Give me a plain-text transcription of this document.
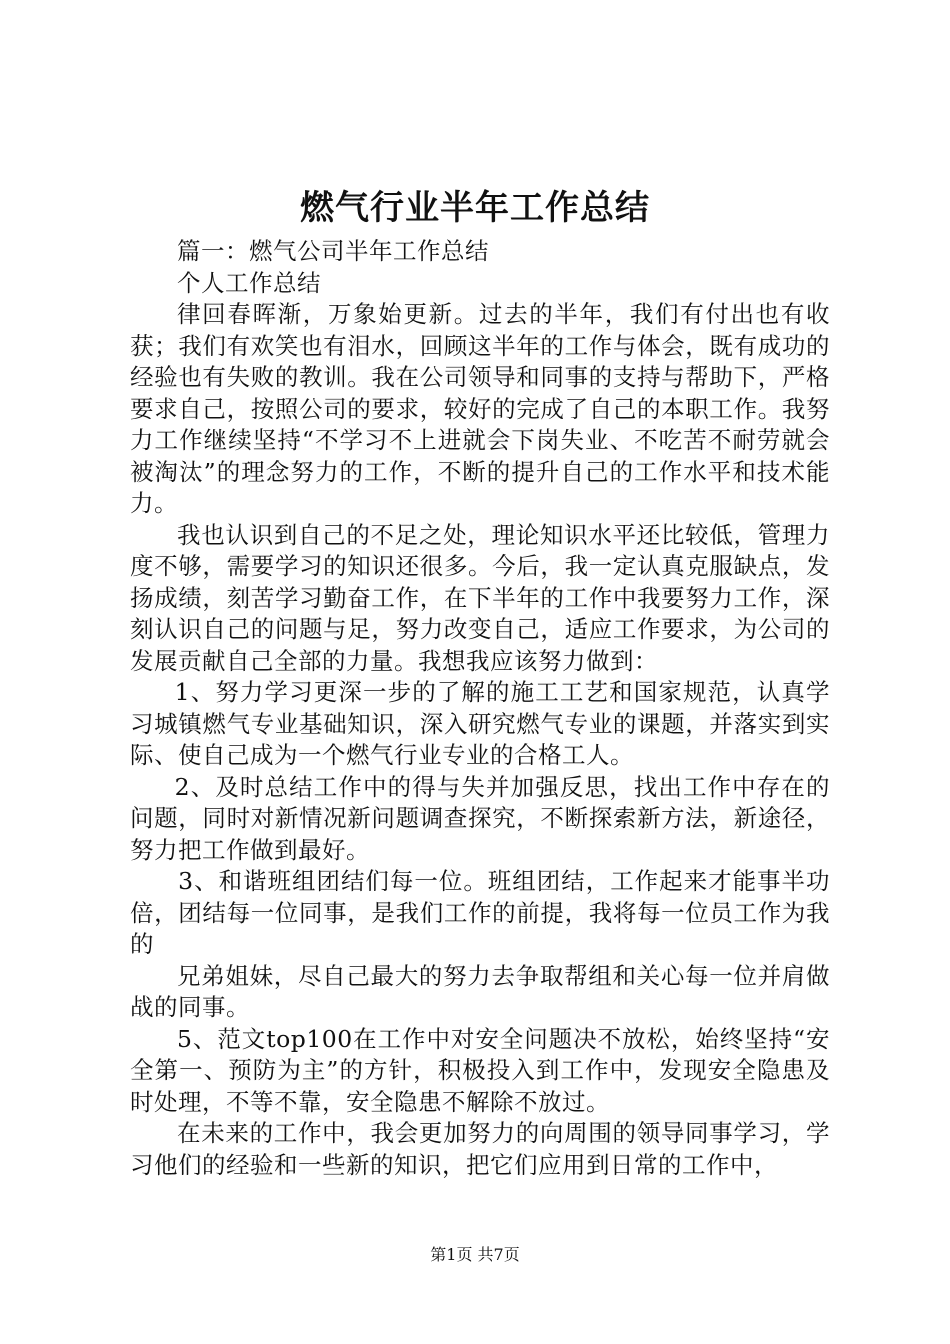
燃气行业半年工作总结

篇一：燃气公司半年工作总结

个人工作总结

律回春晖渐，万象始更新。过去的半年，我们有付出也有收获；我们有欢笑也有泪水，回顾这半年的工作与体会，既有成功的经验也有失败的教训。我在公司领导和同事的支持与帮助下，严格要求自己，按照公司的要求，较好的完成了自己的本职工作。我努力工作继续坚持“不学习不上进就会下岗失业、不吃苦不耐劳就会被淘汰”的理念努力的工作，不断的提升自己的工作水平和技术能力。

我也认识到自己的不足之处，理论知识水平还比较低，管理力度不够，需要学习的知识还很多。今后，我一定认真克服缺点，发扬成绩，刻苦学习勤奋工作，在下半年的工作中我要努力工作，深刻认识自己的问题与足，努力改变自己，适应工作要求，为公司的发展贡献自己全部的力量。我想我应该努力做到：

1、努力学习更深一步的了解的施工工艺和国家规范，认真学习城镇燃气专业基础知识，深入研究燃气专业的课题，并落实到实际、使自己成为一个燃气行业专业的合格工人。

2、及时总结工作中的得与失并加强反思，找出工作中存在的问题，同时对新情况新问题调查探究，不断探索新方法，新途径，努力把工作做到最好。

3、和谐班组团结们每一位。班组团结，工作起来才能事半功倍，团结每一位同事，是我们工作的前提，我将每一位员工作为我的

兄弟姐妹，尽自己最大的努力去争取帮组和关心每一位并肩做战的同事。

5、范文top100在工作中对安全问题决不放松，始终坚持“安全第一、预防为主”的方针，积极投入到工作中，发现安全隐患及时处理，不等不靠，安全隐患不解除不放过。

在未来的工作中，我会更加努力的向周围的领导同事学习，学习他们的经验和一些新的知识，把它们应用到日常的工作中，

第1页 共7页
